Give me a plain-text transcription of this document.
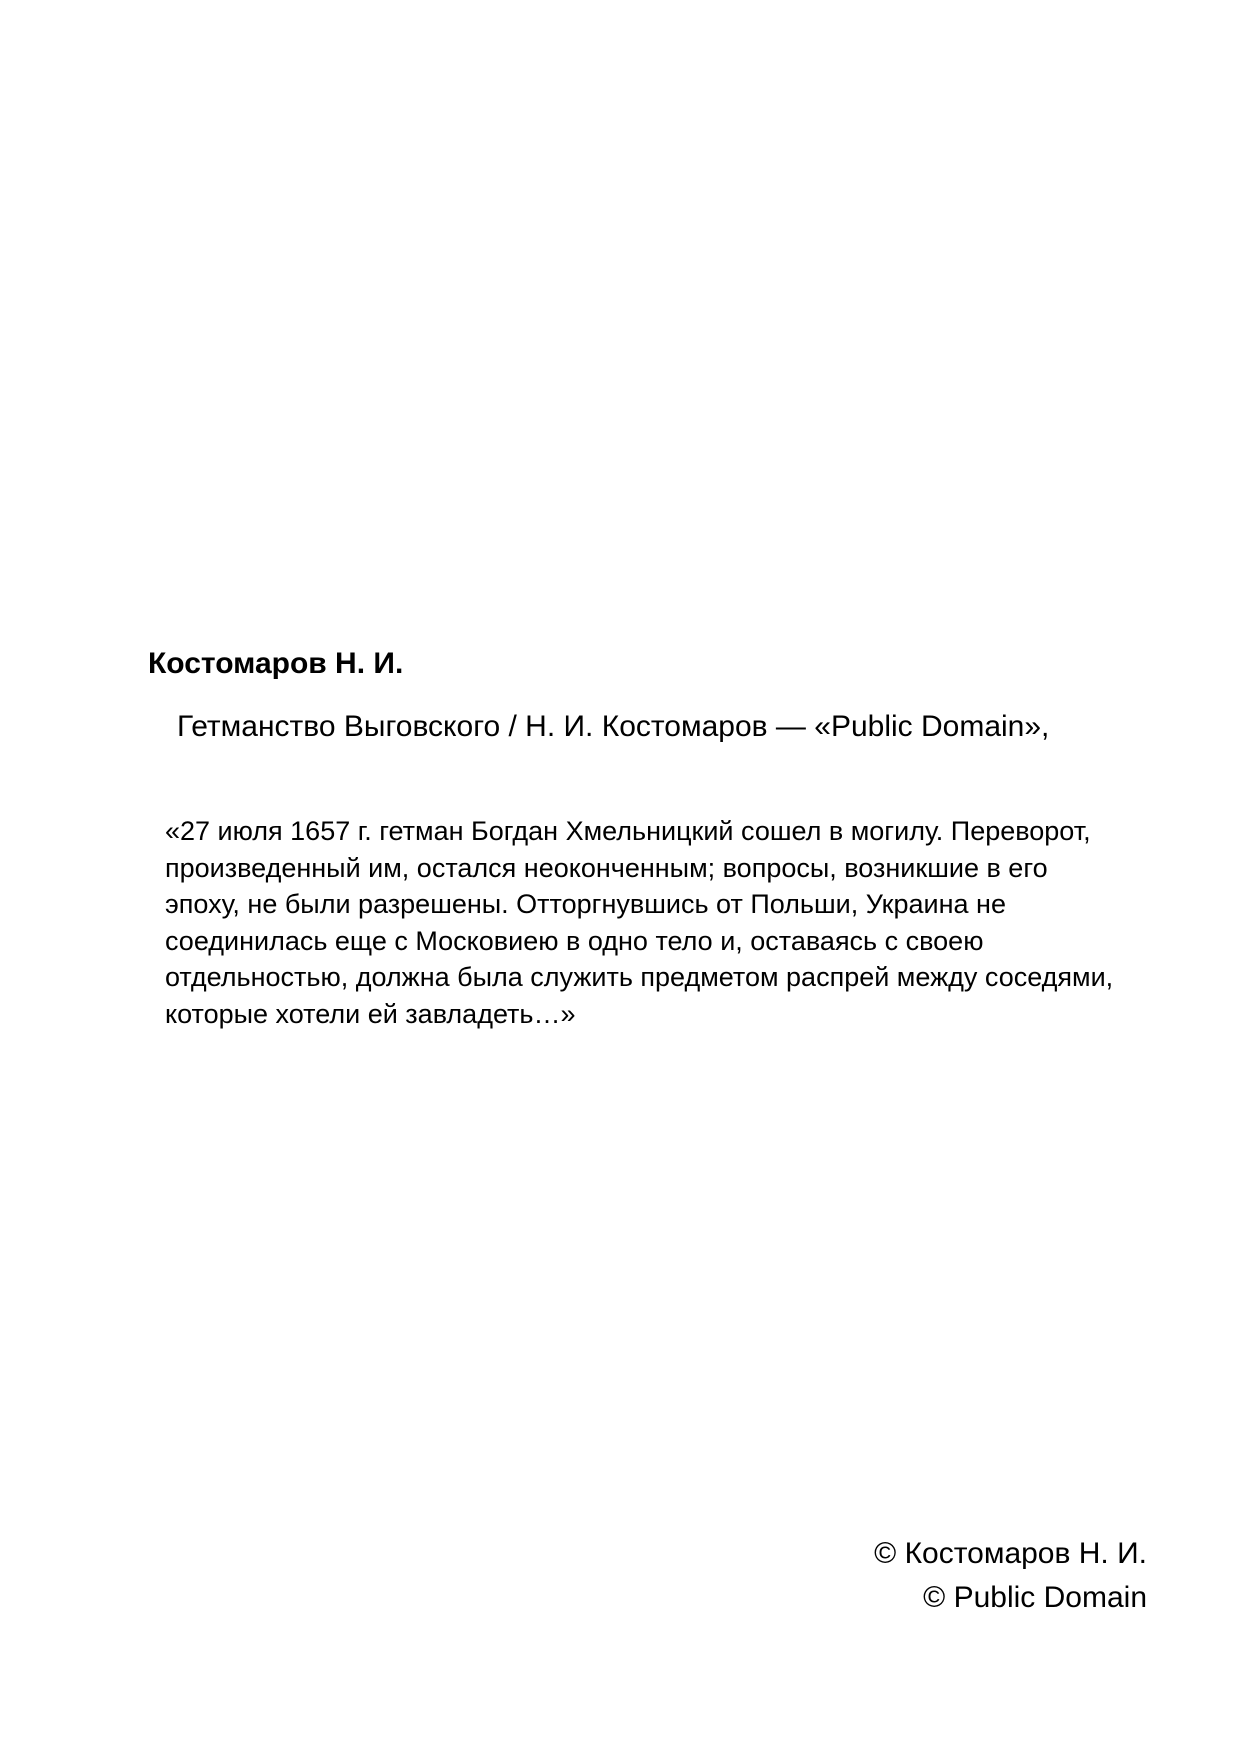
Костомаров Н. И.
Гетманство Выговского / Н. И. Костомаров — «Public Domain»,
«27 июля 1657 г. гетман Богдан Хмельницкий сошел в могилу. Переворот, произведенный им, остался неоконченным; вопросы, возникшие в его эпоху, не были разрешены. Отторгнувшись от Польши, Украина не соединилась еще с Московиею в одно тело и, оставаясь с своею отдельностью, должна была служить предметом распрей между соседями, которые хотели ей завладеть…»
© Костомаров Н. И.
© Public Domain
